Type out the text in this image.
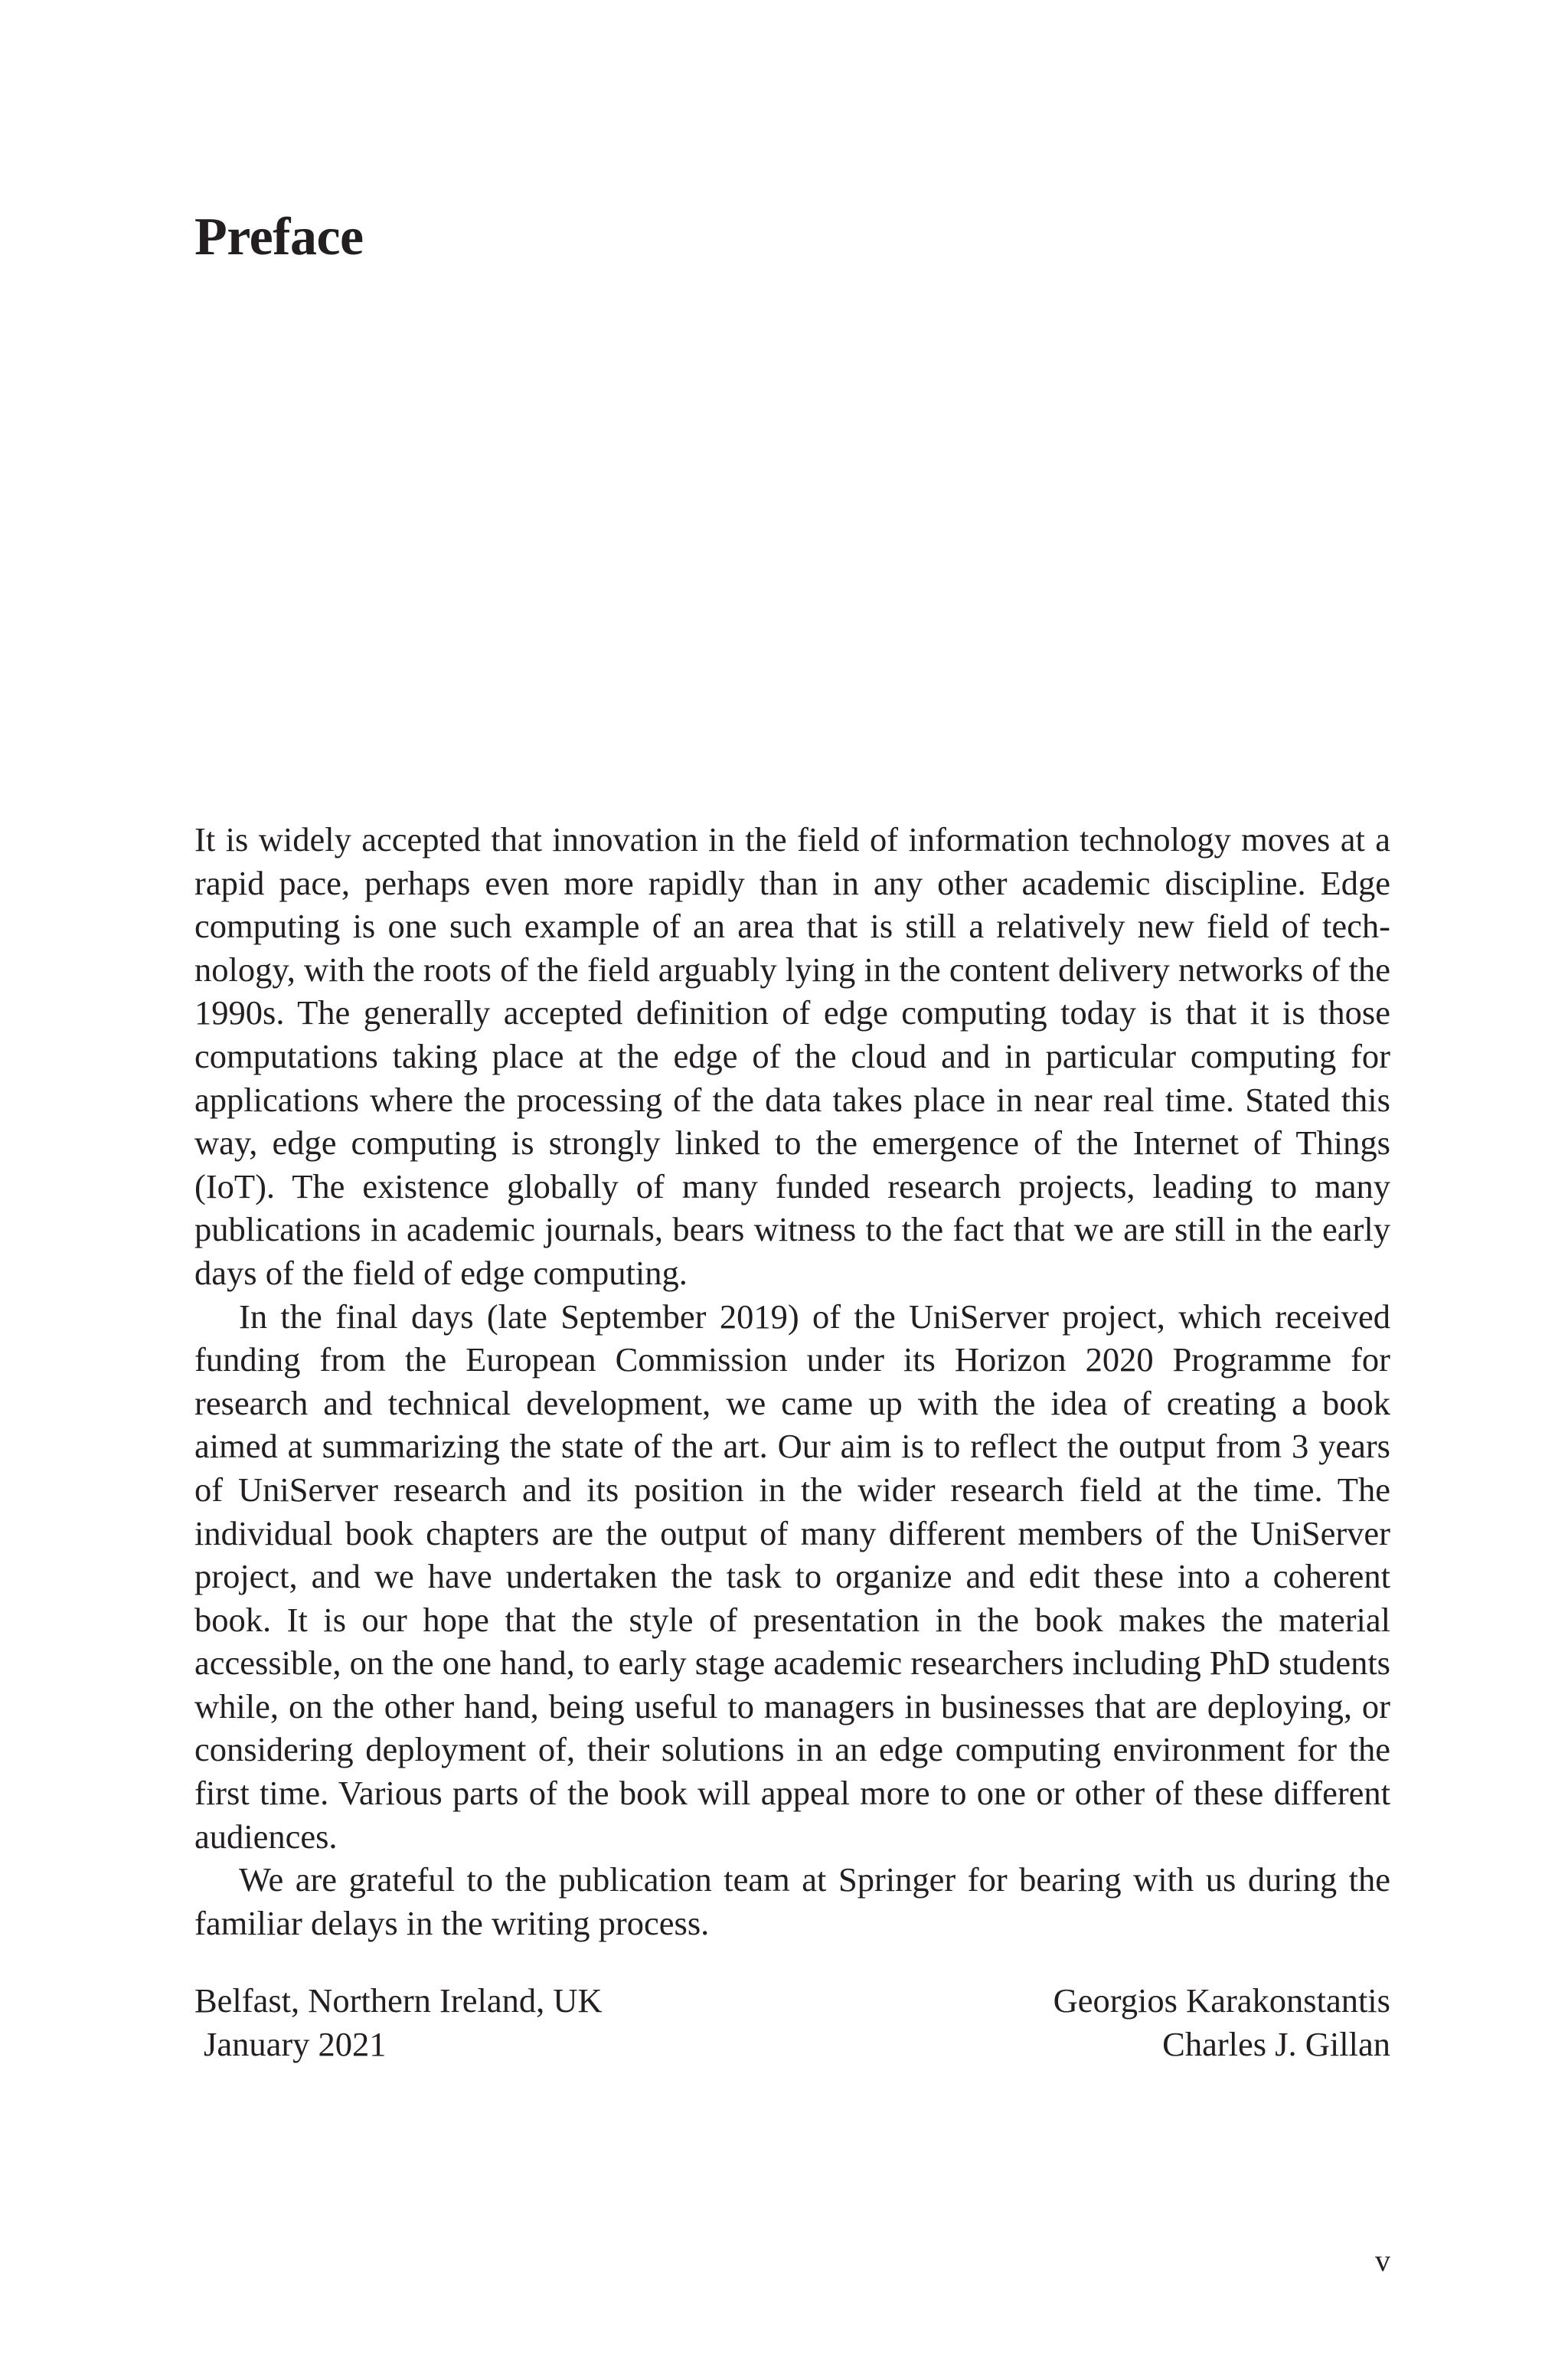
Preface

It is widely accepted that innovation in the field of information technology moves at a rapid pace, perhaps even more rapidly than in any other academic discipline. Edge computing is one such example of an area that is still a relatively new field of technology, with the roots of the field arguably lying in the content delivery networks of the 1990s. The generally accepted definition of edge computing today is that it is those computations taking place at the edge of the cloud and in particular computing for applications where the processing of the data takes place in near real time. Stated this way, edge computing is strongly linked to the emergence of the Internet of Things (IoT). The existence globally of many funded research projects, leading to many publications in academic journals, bears witness to the fact that we are still in the early days of the field of edge computing.

In the final days (late September 2019) of the UniServer project, which received funding from the European Commission under its Horizon 2020 Programme for research and technical development, we came up with the idea of creating a book aimed at summarizing the state of the art. Our aim is to reflect the output from 3 years of UniServer research and its position in the wider research field at the time. The individual book chapters are the output of many different members of the UniServer project, and we have undertaken the task to organize and edit these into a coherent book. It is our hope that the style of presentation in the book makes the material accessible, on the one hand, to early stage academic researchers including PhD students while, on the other hand, being useful to managers in businesses that are deploying, or considering deployment of, their solutions in an edge computing environment for the first time. Various parts of the book will appeal more to one or other of these different audiences.

We are grateful to the publication team at Springer for bearing with us during the familiar delays in the writing process.

Belfast, Northern Ireland, UK
January 2021
Georgios Karakonstantis
Charles J. Gillan
v
